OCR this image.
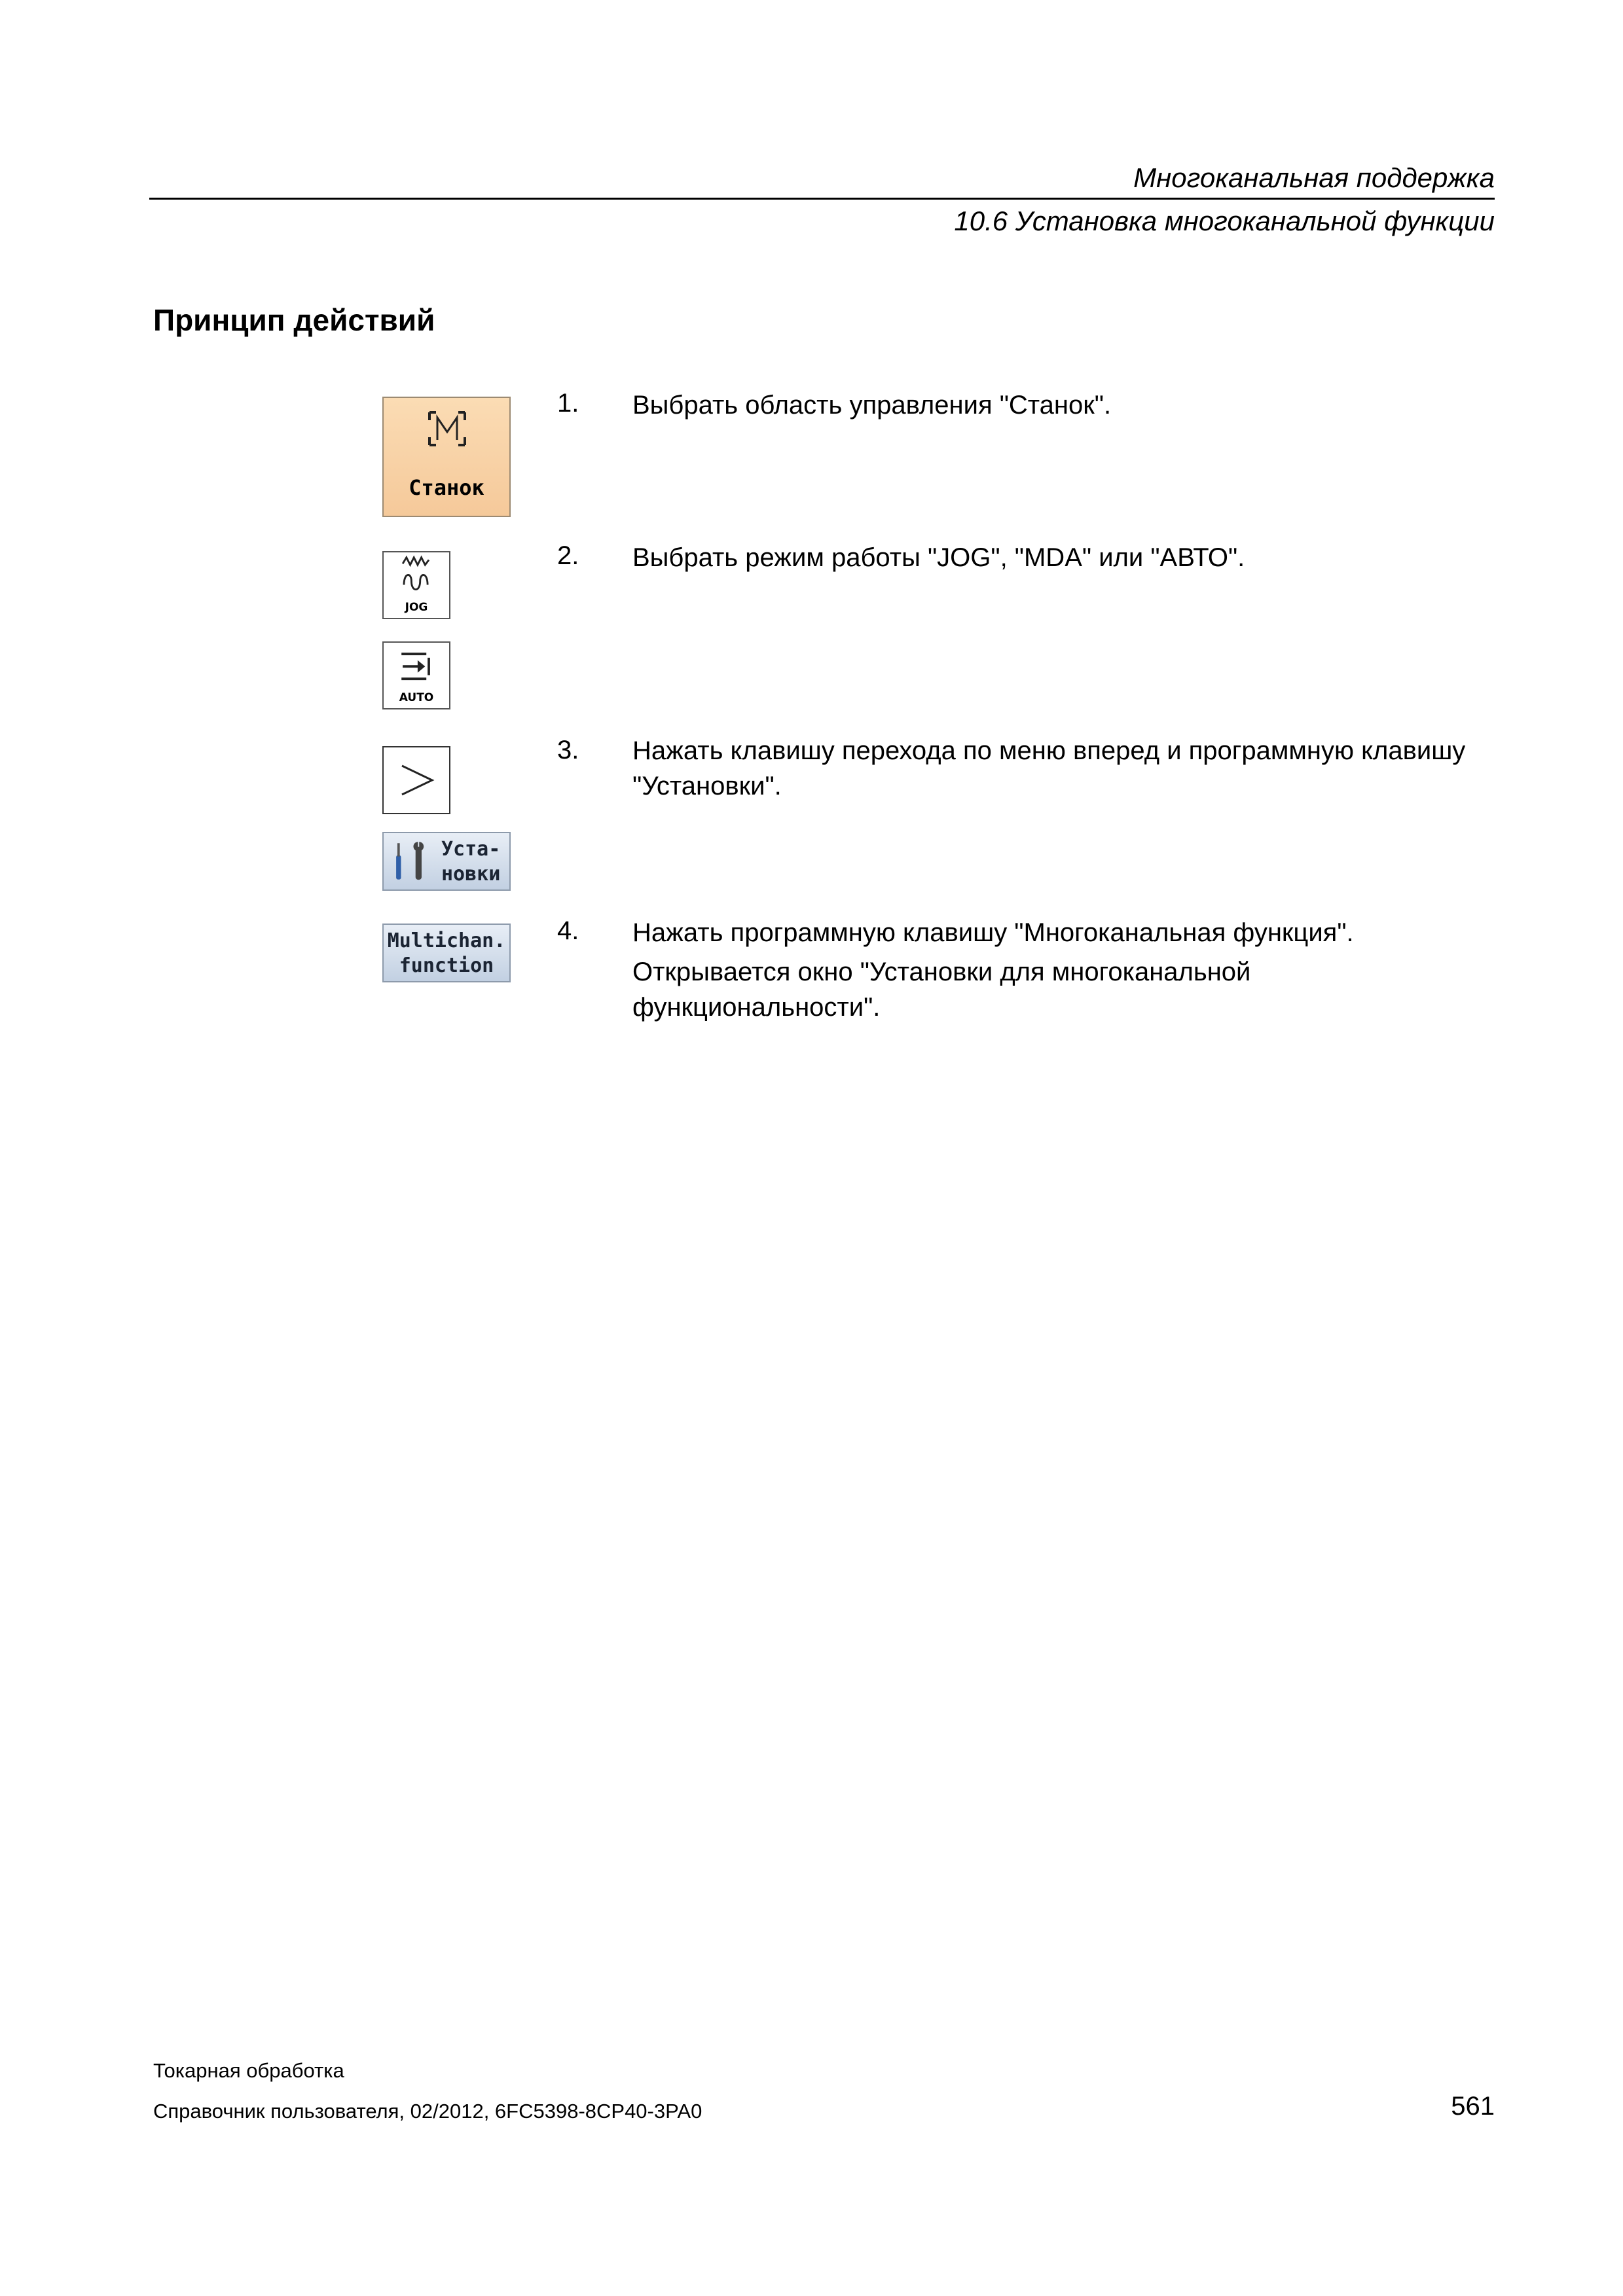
Многоканальная поддержка
10.6 Установка многоканальной функции
Принцип действий
Станок
JOG
AUTO
Уста-
новки
Multichan.
function
1. Выбрать область управления "Станок".
2. Выбрать режим работы "JOG", "MDA" или "АВТО".
3. Нажать клавишу перехода по меню вперед и программную клавишу "Установки".
4. Нажать программную клавишу "Многоканальная функция".
Открывается окно "Установки для многоканальной функциональности".
Токарная обработка
Справочник пользователя, 02/2012, 6FC5398-8CP40-3PA0	561
